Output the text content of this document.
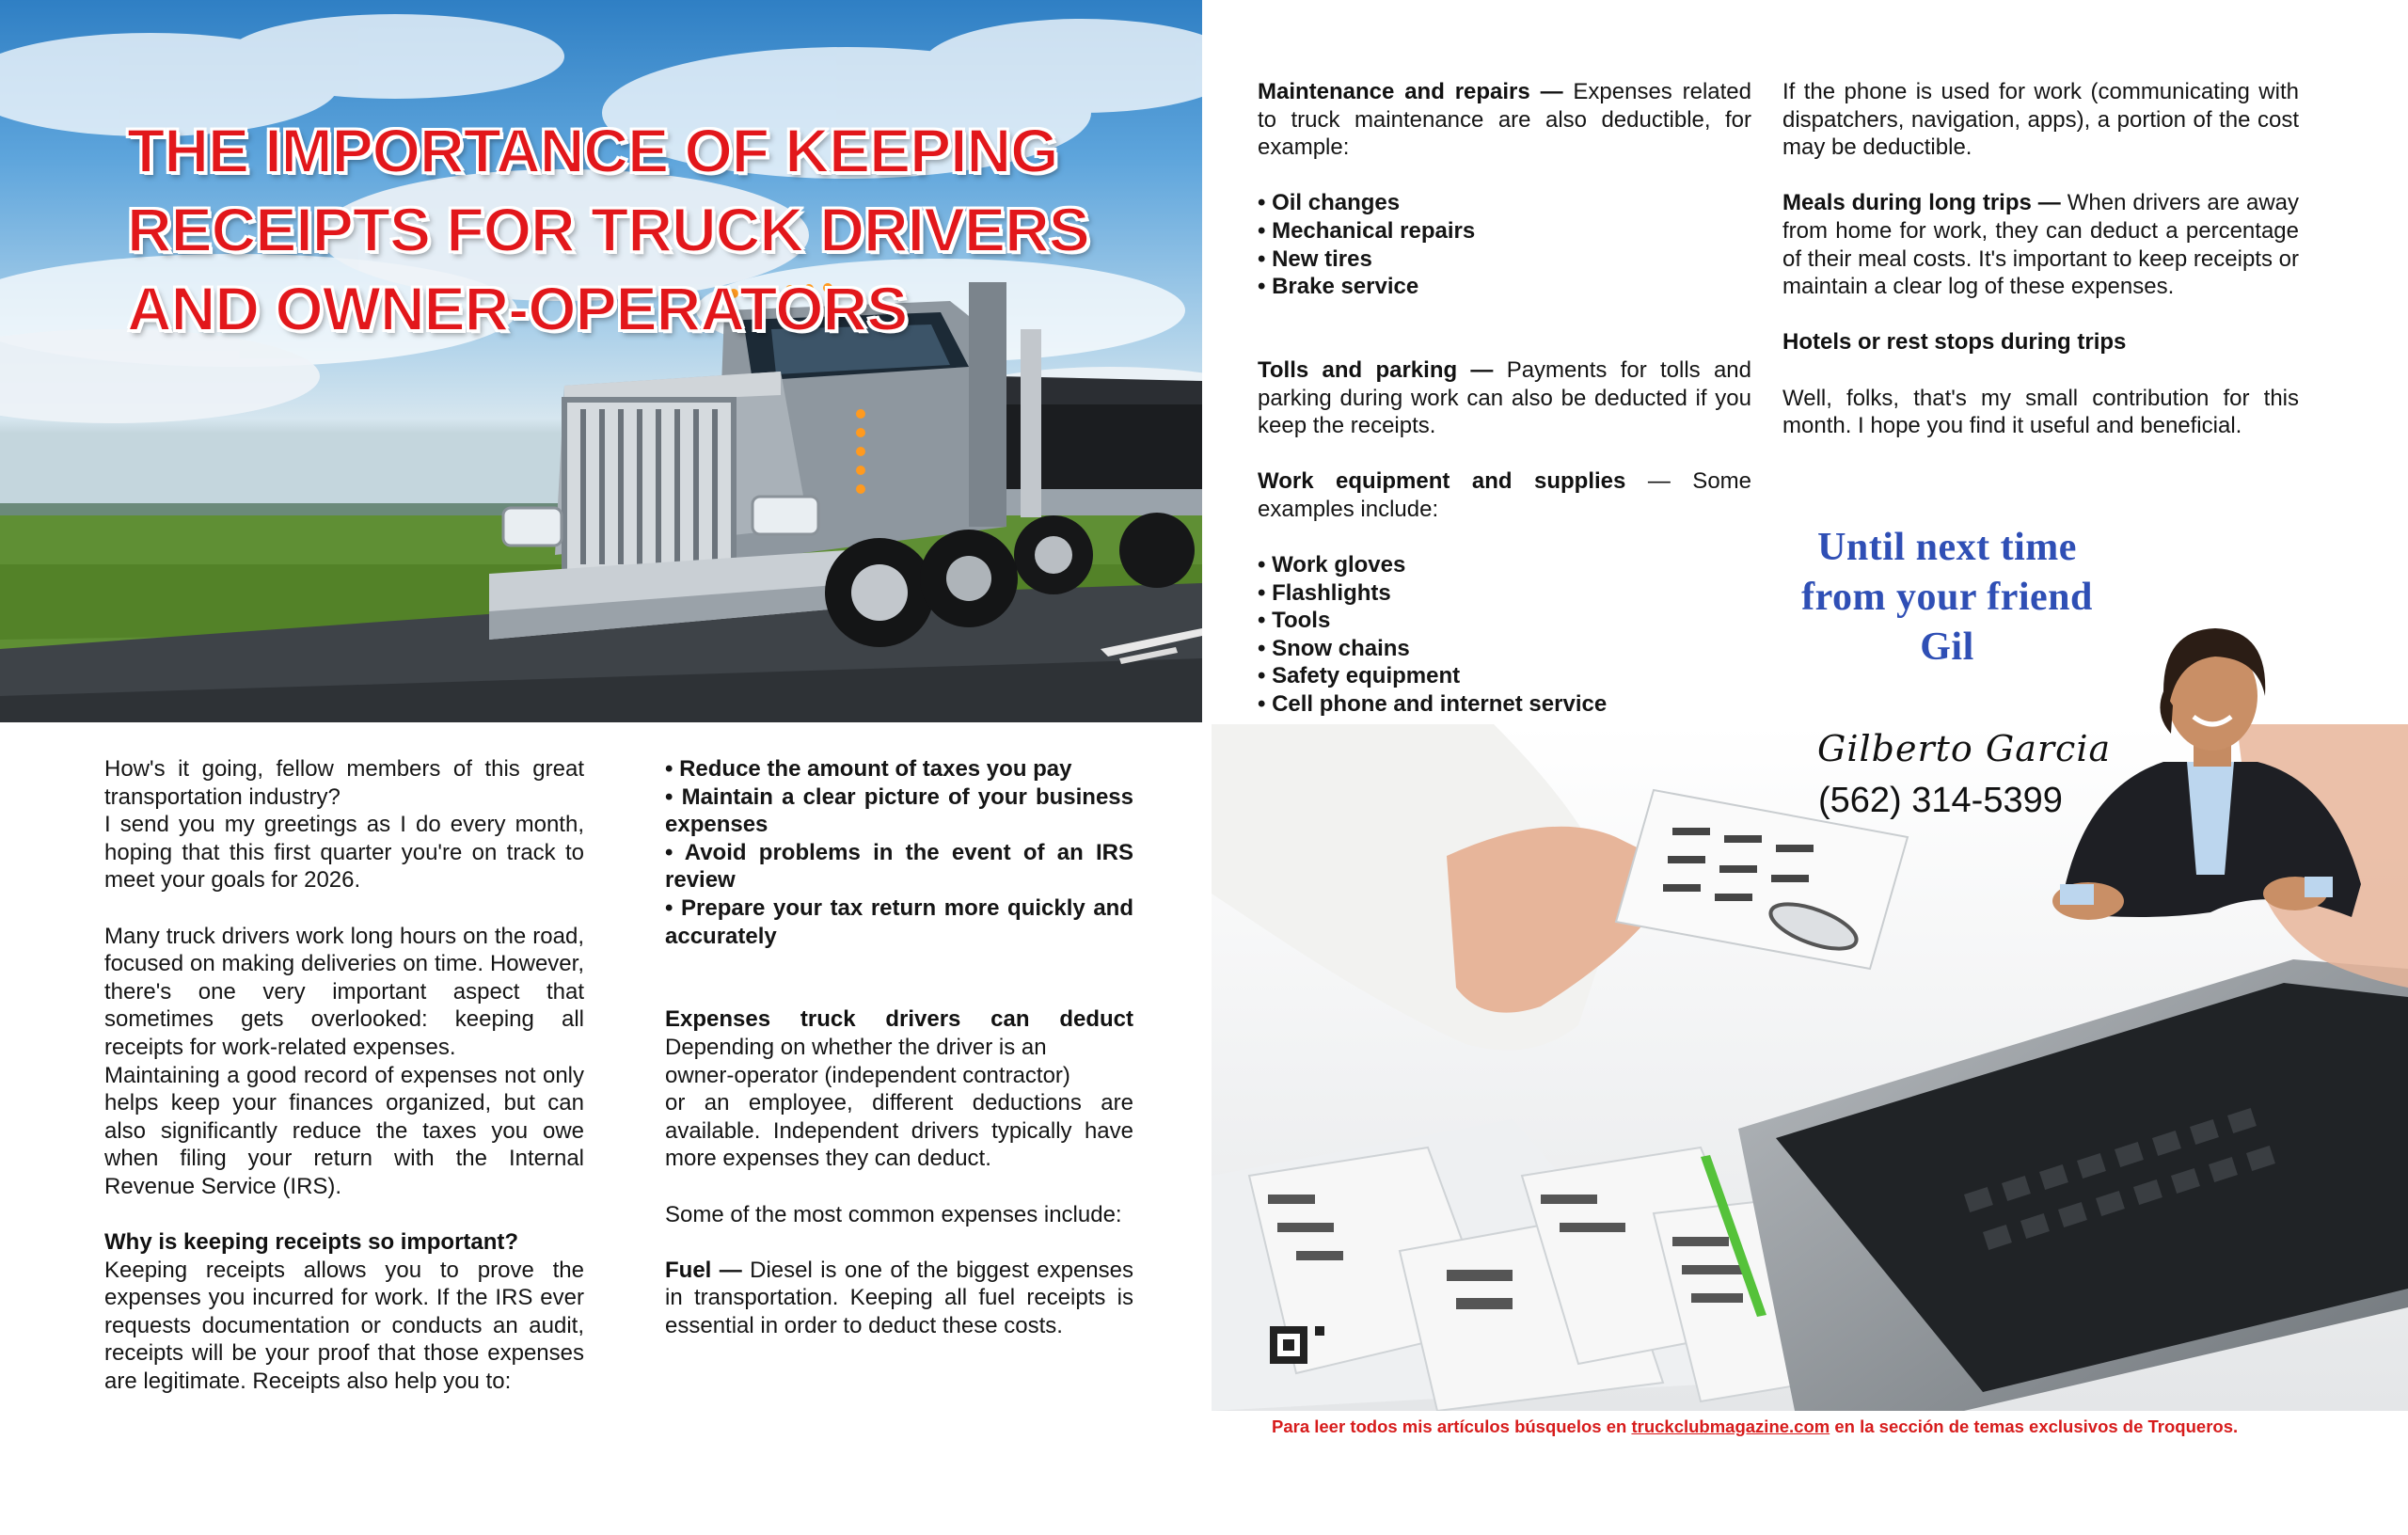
THE IMPORTANCE OF KEEPING RECEIPTS FOR TRUCK DRIVERS AND OWNER-OPERATORS

How's it going, fellow members of this great transportation industry?

I send you my greetings as I do every month, hoping that this first quarter you're on track to meet your goals for 2026.

Many truck drivers work long hours on the road, focused on making deliveries on time. However, there's one very important aspect that sometimes gets overlooked: keeping all receipts for work-related expenses.

Maintaining a good record of expenses not only helps keep your finances organized, but can also significantly reduce the taxes you owe when filing your return with the Internal Revenue Service (IRS).

Why is keeping receipts so important?

Keeping receipts allows you to prove the expenses you incurred for work. If the IRS ever requests documentation or conducts an audit, receipts will be your proof that those expenses are legitimate. Receipts also help you to:

• Reduce the amount of taxes you pay
• Maintain a clear picture of your business expenses
• Avoid problems in the event of an IRS review
• Prepare your tax return more quickly and accurately

Expenses truck drivers can deduct

Depending on whether the driver is an

owner-operator (independent contractor)

or an employee, different deductions are available. Independent drivers typically have more expenses they can deduct.

Some of the most common expenses include:

Fuel — Diesel is one of the biggest expenses in transportation. Keeping all fuel receipts is essential in order to deduct these costs.

Maintenance and repairs — Expenses related to truck maintenance are also deductible, for example:

• Oil changes
• Mechanical repairs
• New tires
• Brake service

Tolls and parking — Payments for tolls and parking during work can also be deducted if you keep the receipts.

Work equipment and supplies — Some examples include:

• Work gloves
• Flashlights
• Tools
• Snow chains
• Safety equipment
• Cell phone and internet service

If the phone is used for work (communicating with dispatchers, navigation, apps), a portion of the cost may be deductible.

Meals during long trips — When drivers are away from home for work, they can deduct a percentage of their meal costs. It's important to keep receipts or maintain a clear log of these expenses.

Hotels or rest stops during trips

Well, folks, that's my small contribution for this month. I hope you find it useful and beneficial.

Until next time
from your friend
Gil

Gilberto Garcia

(562) 314-5399

Para leer todos mis artículos búsquelos en truckclubmagazine.com en la sección de temas exclusivos de Troqueros.
